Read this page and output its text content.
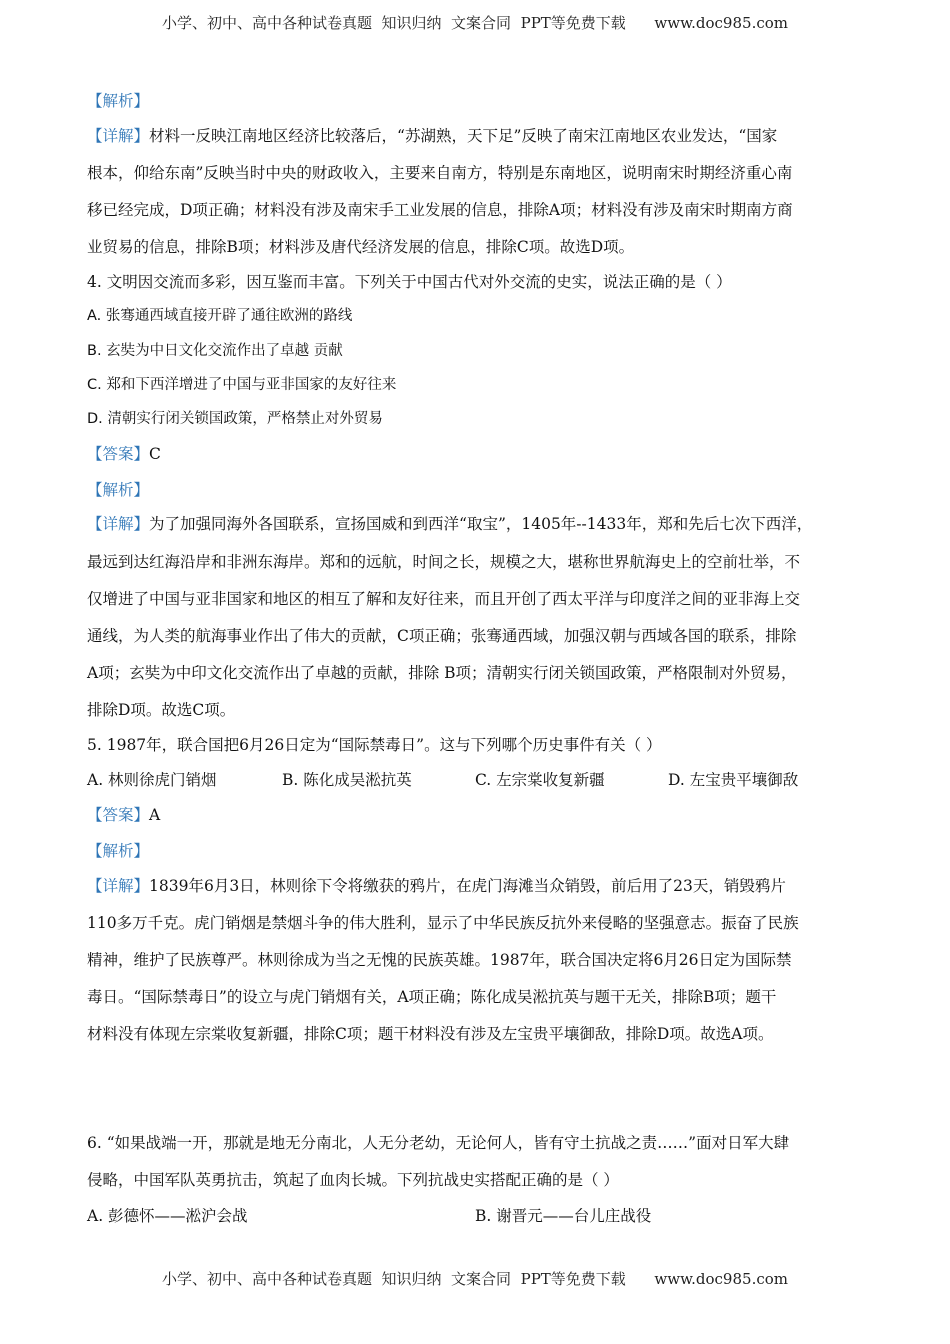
小学、初中、高中各种试卷真题  知识归纳  文案合同  PPT等免费下载      www.doc985.com
【解析】
【详解】材料一反映江南地区经济比较落后，“苏湖熟，天下足”反映了南宋江南地区农业发达，“国家
根本，仰给东南”反映当时中央的财政收入，主要来自南方，特别是东南地区，说明南宋时期经济重心南
移已经完成，D项正确；材料没有涉及南宋手工业发展的信息，排除A项；材料没有涉及南宋时期南方商
业贸易的信息，排除B项；材料涉及唐代经济发展的信息，排除C项。故选D项。
4. 文明因交流而多彩，因互鉴而丰富。下列关于中国古代对外交流的史实，说法正确的是（ ）
A. 张骞通西域直接开辟了通往欧洲的路线
B. 玄奘为中日文化交流作出了卓越 贡献
C. 郑和下西洋增进了中国与亚非国家的友好往来
D. 清朝实行闭关锁国政策，严格禁止对外贸易
【答案】C
【解析】
【详解】为了加强同海外各国联系，宣扬国威和到西洋“取宝”，1405年--1433年，郑和先后七次下西洋，
最远到达红海沿岸和非洲东海岸。郑和的远航，时间之长，规模之大，堪称世界航海史上的空前壮举，不
仅增进了中国与亚非国家和地区的相互了解和友好往来，而且开创了西太平洋与印度洋之间的亚非海上交
通线，为人类的航海事业作出了伟大的贡献，C项正确；张骞通西域，加强汉朝与西域各国的联系，排除
A项；玄奘为中印文化交流作出了卓越的贡献，排除 B项；清朝实行闭关锁国政策，严格限制对外贸易，
排除D项。故选C项。
5. 1987年，联合国把6月26日定为“国际禁毒日”。这与下列哪个历史事件有关（ ）
A. 林则徐虎门销烟	B. 陈化成吴淞抗英	C. 左宗棠收复新疆	D. 左宝贵平壤御敌
【答案】A
【解析】
【详解】1839年6月3日，林则徐下令将缴获的鸦片，在虎门海滩当众销毁，前后用了23天，销毁鸦片
110多万千克。虎门销烟是禁烟斗争的伟大胜利，显示了中华民族反抗外来侵略的坚强意志。振奋了民族
精神，维护了民族尊严。林则徐成为当之无愧的民族英雄。1987年，联合国决定将6月26日定为国际禁
毒日。“国际禁毒日”的设立与虎门销烟有关，A项正确；陈化成吴淞抗英与题干无关，排除B项；题干
材料没有体现左宗棠收复新疆，排除C项；题干材料没有涉及左宝贵平壤御敌，排除D项。故选A项。
6. “如果战端一开，那就是地无分南北，人无分老幼，无论何人，皆有守土抗战之责……”面对日军大肆
侵略，中国军队英勇抗击，筑起了血肉长城。下列抗战史实搭配正确的是（ ）
A. 彭德怀——淞沪会战	B. 谢晋元——台儿庄战役
小学、初中、高中各种试卷真题  知识归纳  文案合同  PPT等免费下载      www.doc985.com
